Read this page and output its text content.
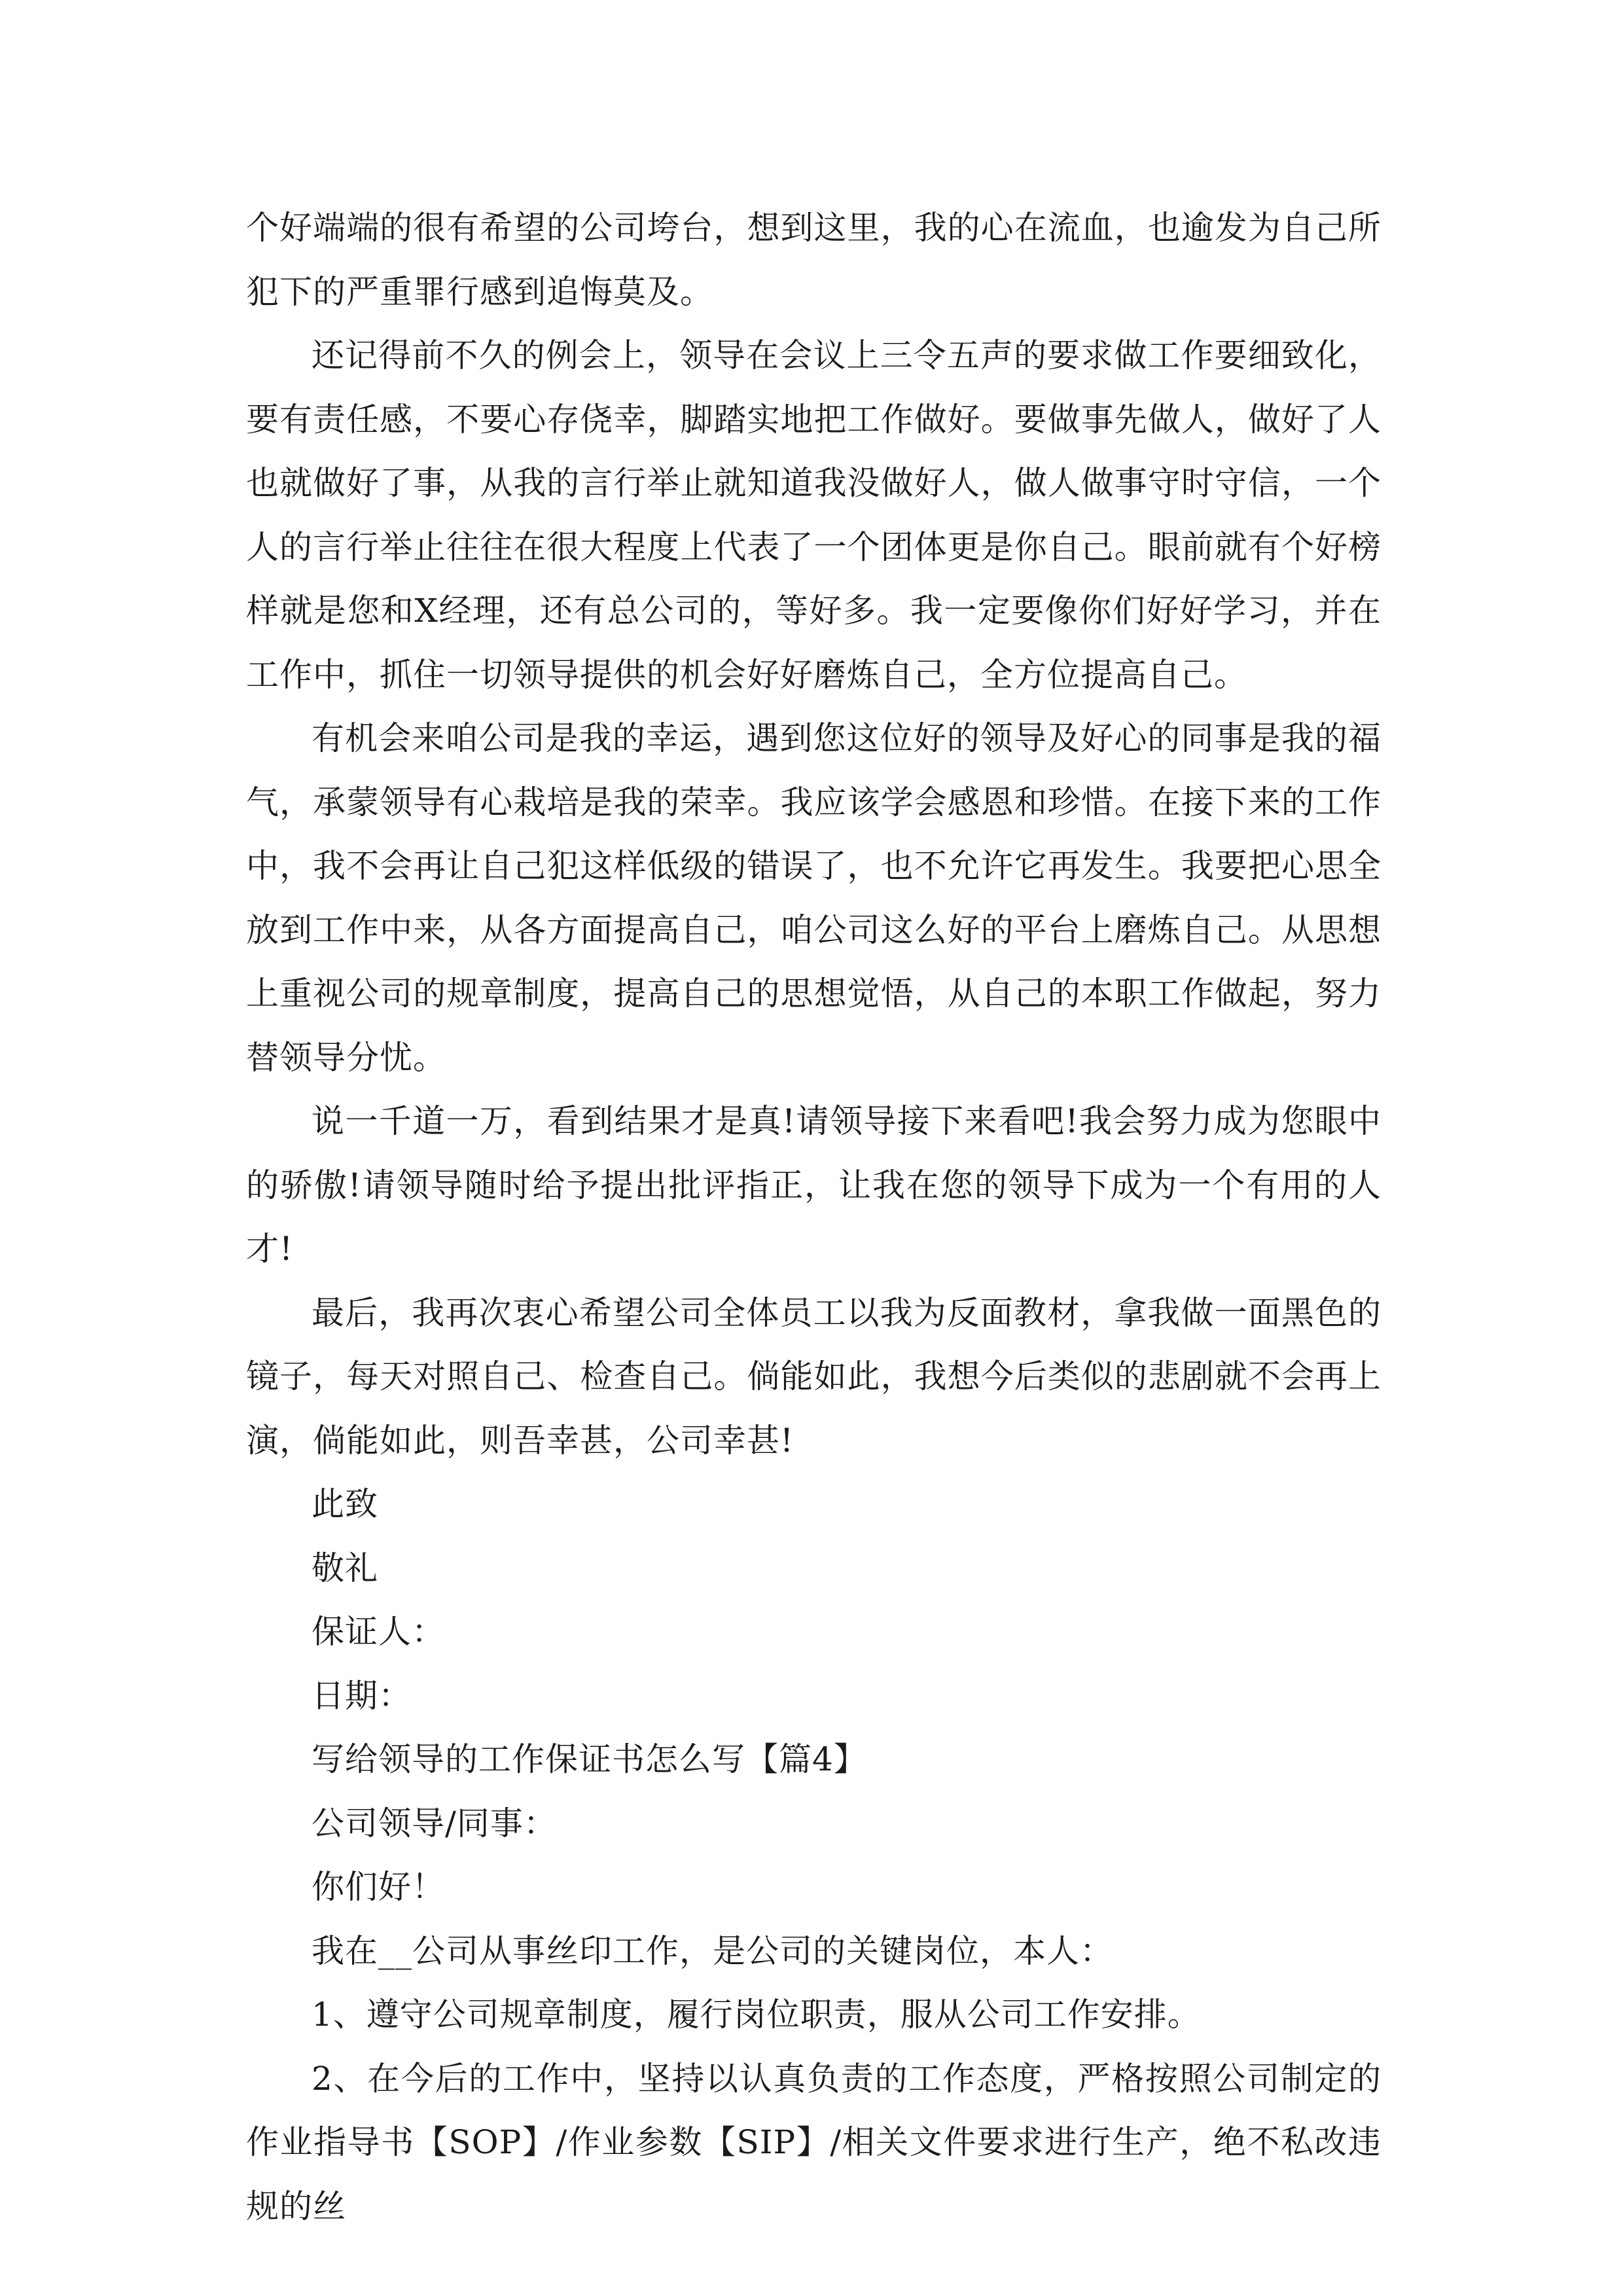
个好端端的很有希望的公司垮台，想到这里，我的心在流血，也逾发为自己所犯下的严重罪行感到追悔莫及。

还记得前不久的例会上，领导在会议上三令五声的要求做工作要细致化，要有责任感，不要心存侥幸，脚踏实地把工作做好。要做事先做人，做好了人也就做好了事，从我的言行举止就知道我没做好人，做人做事守时守信，一个人的言行举止往往在很大程度上代表了一个团体更是你自己。眼前就有个好榜样就是您和X经理，还有总公司的，等好多。我一定要像你们好好学习，并在工作中，抓住一切领导提供的机会好好磨炼自己，全方位提高自己。

有机会来咱公司是我的幸运，遇到您这位好的领导及好心的同事是我的福气，承蒙领导有心栽培是我的荣幸。我应该学会感恩和珍惜。在接下来的工作中，我不会再让自己犯这样低级的错误了，也不允许它再发生。我要把心思全放到工作中来，从各方面提高自己，咱公司这么好的平台上磨炼自己。从思想上重视公司的规章制度，提高自己的思想觉悟，从自己的本职工作做起，努力替领导分忧。

说一千道一万，看到结果才是真!请领导接下来看吧!我会努力成为您眼中的骄傲!请领导随时给予提出批评指正，让我在您的领导下成为一个有用的人才!

最后，我再次衷心希望公司全体员工以我为反面教材，拿我做一面黑色的镜子，每天对照自己、检查自己。倘能如此，我想今后类似的悲剧就不会再上演，倘能如此，则吾幸甚，公司幸甚!

此致

敬礼

保证人：

日期：

写给领导的工作保证书怎么写【篇4】

公司领导/同事：

你们好！

我在__公司从事丝印工作，是公司的关键岗位，本人：

1、遵守公司规章制度，履行岗位职责，服从公司工作安排。

2、在今后的工作中，坚持以认真负责的工作态度，严格按照公司制定的作业指导书【SOP】/作业参数【SIP】/相关文件要求进行生产，绝不私改违规的丝
